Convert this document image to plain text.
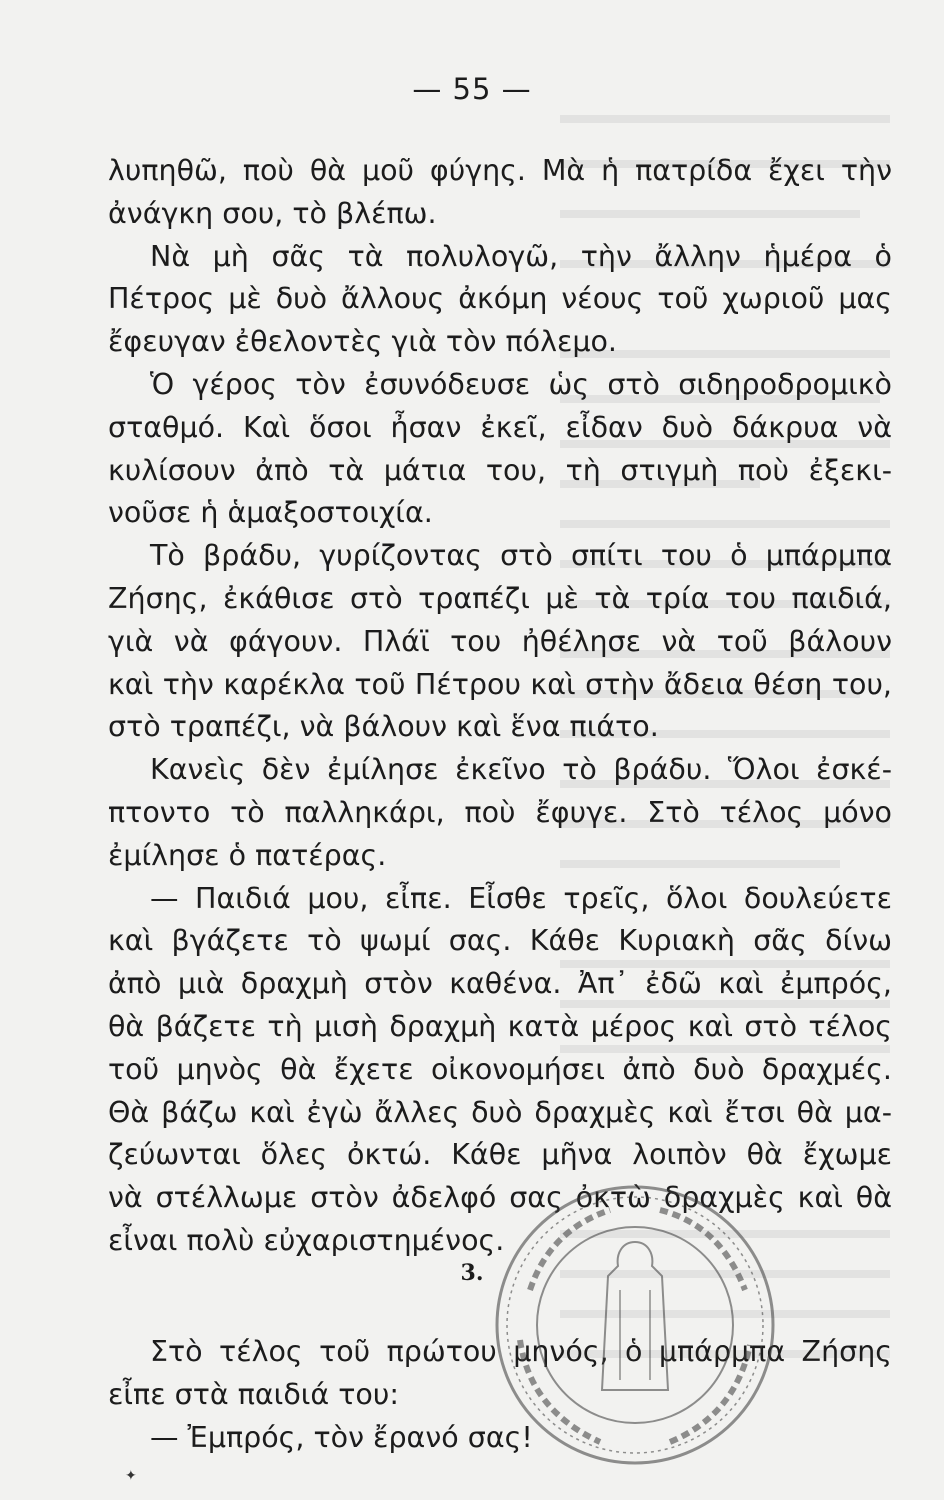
— 55 —
λυπηθῶ, ποὺ θὰ μοῦ φύγης. Μὰ ἡ πατρίδα ἔχει τὴν
ἀνάγκη σου, τὸ βλέπω.
Νὰ μὴ σᾶς τὰ πολυλογῶ, τὴν ἄλλην ἡμέρα ὁ
Πέτρος μὲ δυὸ ἄλλους ἀκόμη νέους τοῦ χωριοῦ μας
ἔφευγαν ἐθελοντὲς γιὰ τὸν πόλεμο.
Ὁ γέρος τὸν ἐσυνόδευσε ὡς στὸ σιδηροδρομικὸ
σταθμό. Καὶ ὅσοι ἦσαν ἐκεῖ, εἶδαν δυὸ δάκρυα νὰ
κυλίσουν ἀπὸ τὰ μάτια του, τὴ στιγμὴ ποὺ ἐξεκι-
νοῦσε ἡ ἁμαξοστοιχία.
Τὸ βράδυ, γυρίζοντας στὸ σπίτι του ὁ μπάρμπα
Ζήσης, ἐκάθισε στὸ τραπέζι μὲ τὰ τρία του παιδιά,
γιὰ νὰ φάγουν. Πλάϊ του ἠθέλησε νὰ τοῦ βάλουν
καὶ τὴν καρέκλα τοῦ Πέτρου καὶ στὴν ἄδεια θέση του,
στὸ τραπέζι, νὰ βάλουν καὶ ἕνα πιάτο.
Κανεὶς δὲν ἐμίλησε ἐκεῖνο τὸ βράδυ. Ὅλοι ἐσκέ-
πτοντο τὸ παλληκάρι, ποὺ ἔφυγε. Στὸ τέλος μόνο
ἐμίλησε ὁ πατέρας.
— Παιδιά μου, εἶπε. Εἶσθε τρεῖς, ὅλοι δουλεύετε
καὶ βγάζετε τὸ ψωμί σας. Κάθε Κυριακὴ σᾶς δίνω
ἀπὸ μιὰ δραχμὴ στὸν καθένα. Ἀπ᾽ ἐδῶ καὶ ἐμπρός,
θὰ βάζετε τὴ μισὴ δραχμὴ κατὰ μέρος καὶ στὸ τέλος
τοῦ μηνὸς θὰ ἔχετε οἰκονομήσει ἀπὸ δυὸ δραχμές.
Θὰ βάζω καὶ ἐγὼ ἄλλες δυὸ δραχμὲς καὶ ἔτσι θὰ μα-
ζεύωνται ὅλες ὀκτώ. Κάθε μῆνα λοιπὸν θὰ ἔχωμε
νὰ στέλλωμε στὸν ἀδελφό σας ὀκτὼ δραχμὲς καὶ θὰ
εἶναι πολὺ εὐχαριστημένος.
3.
Στὸ τέλος τοῦ πρώτου μηνός, ὁ μπάρμπα Ζήσης
εἶπε στὰ παιδιά του:
— Ἐμπρός, τὸν ἔρανό σας!
✦
